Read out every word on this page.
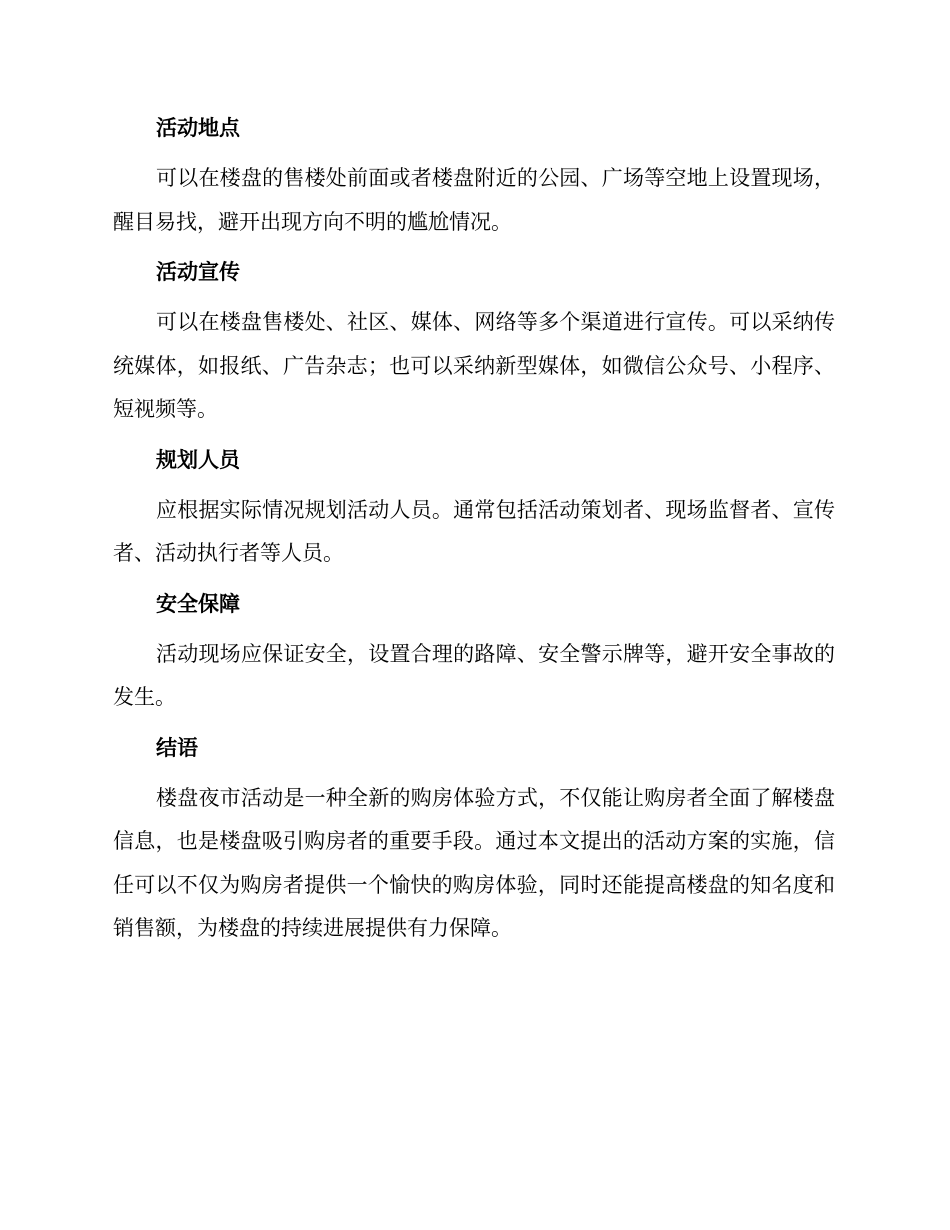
活动地点

可以在楼盘的售楼处前面或者楼盘附近的公园、广场等空地上设置现场，醒目易找，避开出现方向不明的尴尬情况。

活动宣传

可以在楼盘售楼处、社区、媒体、网络等多个渠道进行宣传。可以采纳传统媒体，如报纸、广告杂志；也可以采纳新型媒体，如微信公众号、小程序、短视频等。

规划人员

应根据实际情况规划活动人员。通常包括活动策划者、现场监督者、宣传者、活动执行者等人员。

安全保障

活动现场应保证安全，设置合理的路障、安全警示牌等，避开安全事故的发生。

结语

楼盘夜市活动是一种全新的购房体验方式，不仅能让购房者全面了解楼盘信息，也是楼盘吸引购房者的重要手段。通过本文提出的活动方案的实施，信任可以不仅为购房者提供一个愉快的购房体验，同时还能提高楼盘的知名度和销售额，为楼盘的持续进展提供有力保障。
